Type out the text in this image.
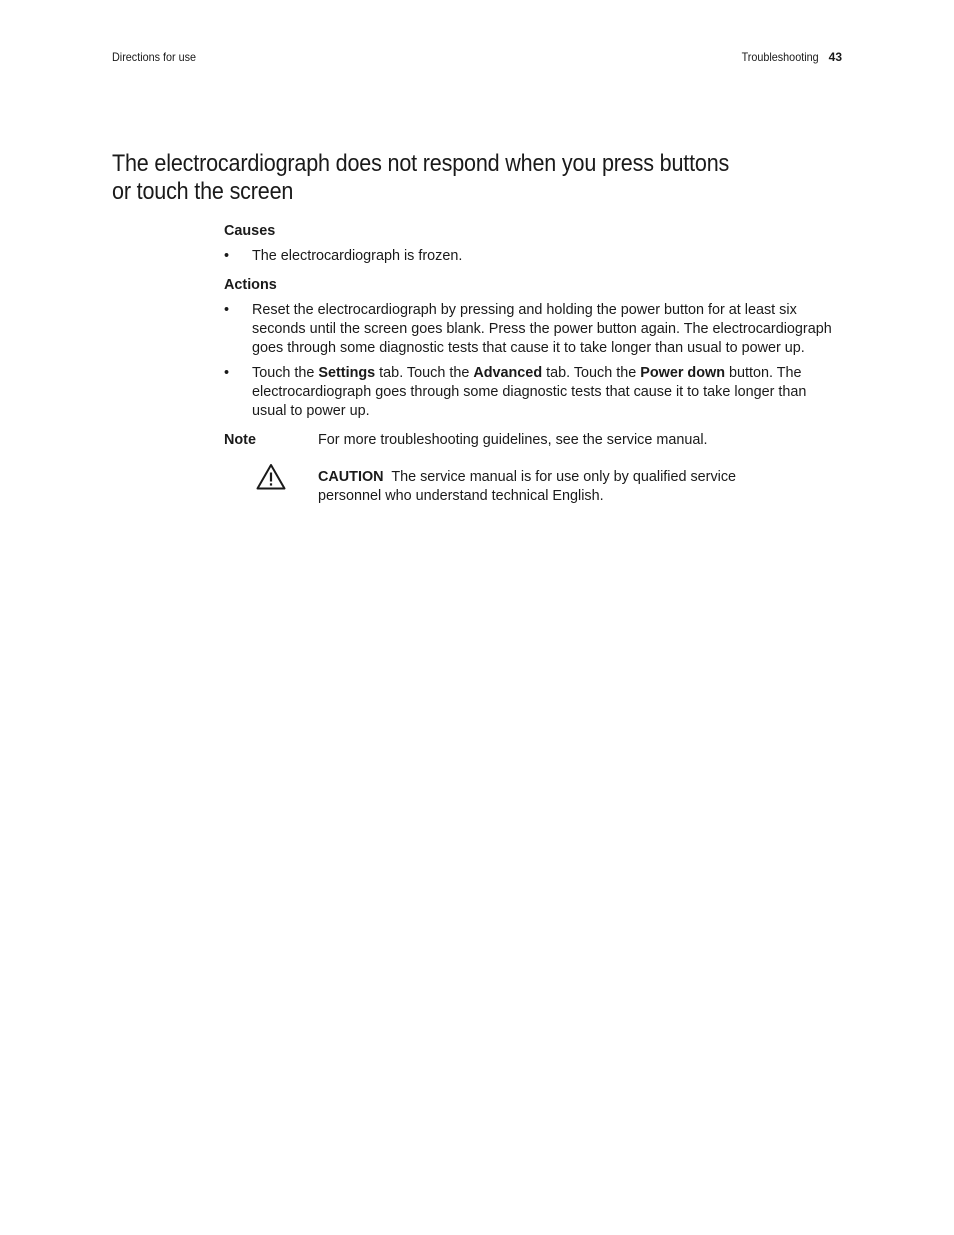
Directions for use	Troubleshooting 43
The electrocardiograph does not respond when you press buttons or touch the screen
Causes
• The electrocardiograph is frozen.
Actions
• Reset the electrocardiograph by pressing and holding the power button for at least six seconds until the screen goes blank. Press the power button again. The electrocardiograph goes through some diagnostic tests that cause it to take longer than usual to power up.
• Touch the Settings tab. Touch the Advanced tab. Touch the Power down button. The electrocardiograph goes through some diagnostic tests that cause it to take longer than usual to power up.
Note	For more troubleshooting guidelines, see the service manual.
CAUTION The service manual is for use only by qualified service personnel who understand technical English.
